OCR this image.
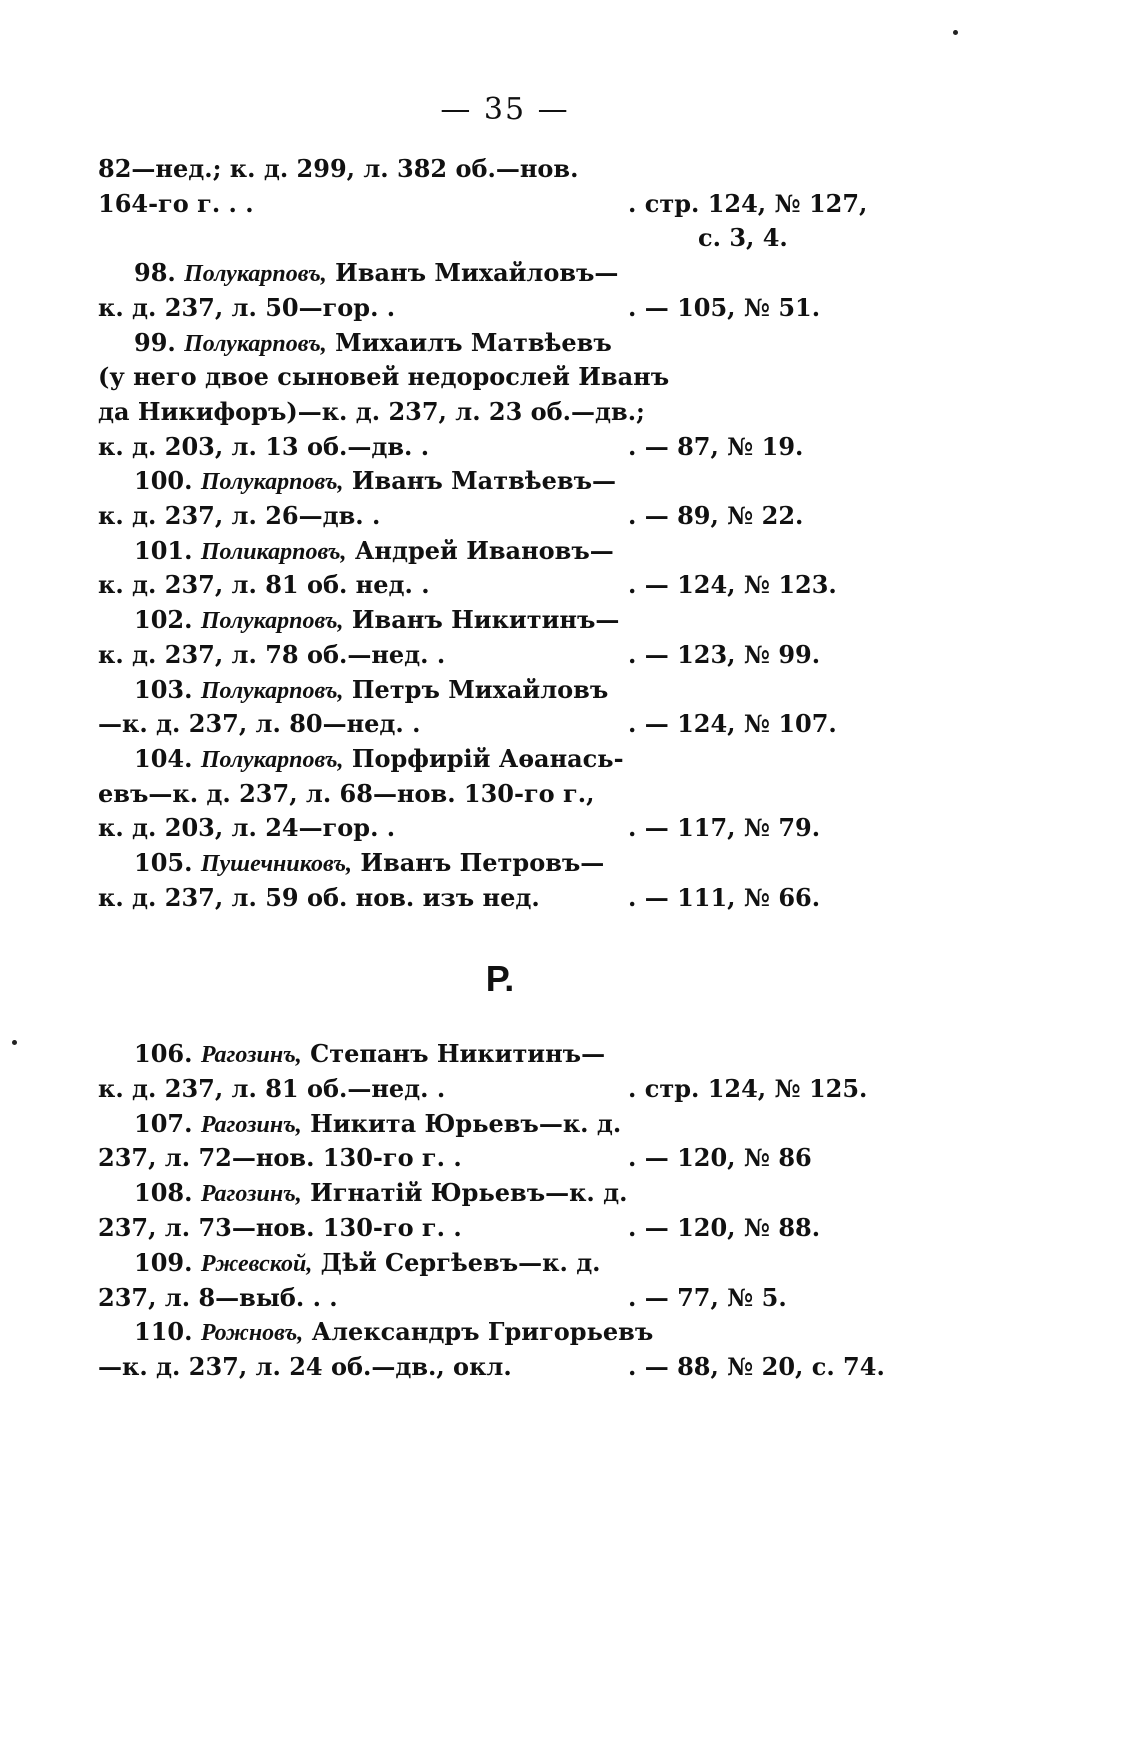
— 35 —
82—нед.; к. д. 299, л. 382 об.—нов.
164-го г. . .	. стр. 124, № 127,
с. 3, 4.
98. Полукарповъ, Иванъ Михайловъ—
к. д. 237, л. 50—гор. .	. — 105, № 51.
99. Полукарповъ, Михаилъ Матвѣевъ
(у него двое сыновей недорослей Иванъ
да Никифоръ)—к. д. 237, л. 23 об.—дв.;
к. д. 203, л. 13 об.—дв. .	. — 87, № 19.
100. Полукарповъ, Иванъ Матвѣевъ—
к. д. 237, л. 26—дв. .	. — 89, № 22.
101. Поликарповъ, Андрей Ивановъ—
к. д. 237, л. 81 об. нед. .	. — 124, № 123.
102. Полукарповъ, Иванъ Никитинъ—
к. д. 237, л. 78 об.—нед. .	. — 123, № 99.
103. Полукарповъ, Петръ Михайловъ
—к. д. 237, л. 80—нед. .	. — 124, № 107.
104. Полукарповъ, Порфирій Аѳанась-
евъ—к. д. 237, л. 68—нов. 130-го г.,
к. д. 203, л. 24—гор. .	. — 117, № 79.
105. Пушечниковъ, Иванъ Петровъ—
к. д. 237, л. 59 об. нов. изъ нед.	. — 111, № 66.
Р.
106. Рагозинъ, Степанъ Никитинъ—
к. д. 237, л. 81 об.—нед. .	. стр. 124, № 125.
107. Рагозинъ, Никита Юрьевъ—к. д.
237, л. 72—нов. 130-го г. .	. — 120, № 86
108. Рагозинъ, Игнатій Юрьевъ—к. д.
237, л. 73—нов. 130-го г. .	. — 120, № 88.
109. Ржевской, Дѣй Сергѣевъ—к. д.
237, л. 8—выб. . .	. — 77, № 5.
110. Рожновъ, Александръ Григорьевъ
—к. д. 237, л. 24 об.—дв., окл.	. — 88, № 20, с. 74.
